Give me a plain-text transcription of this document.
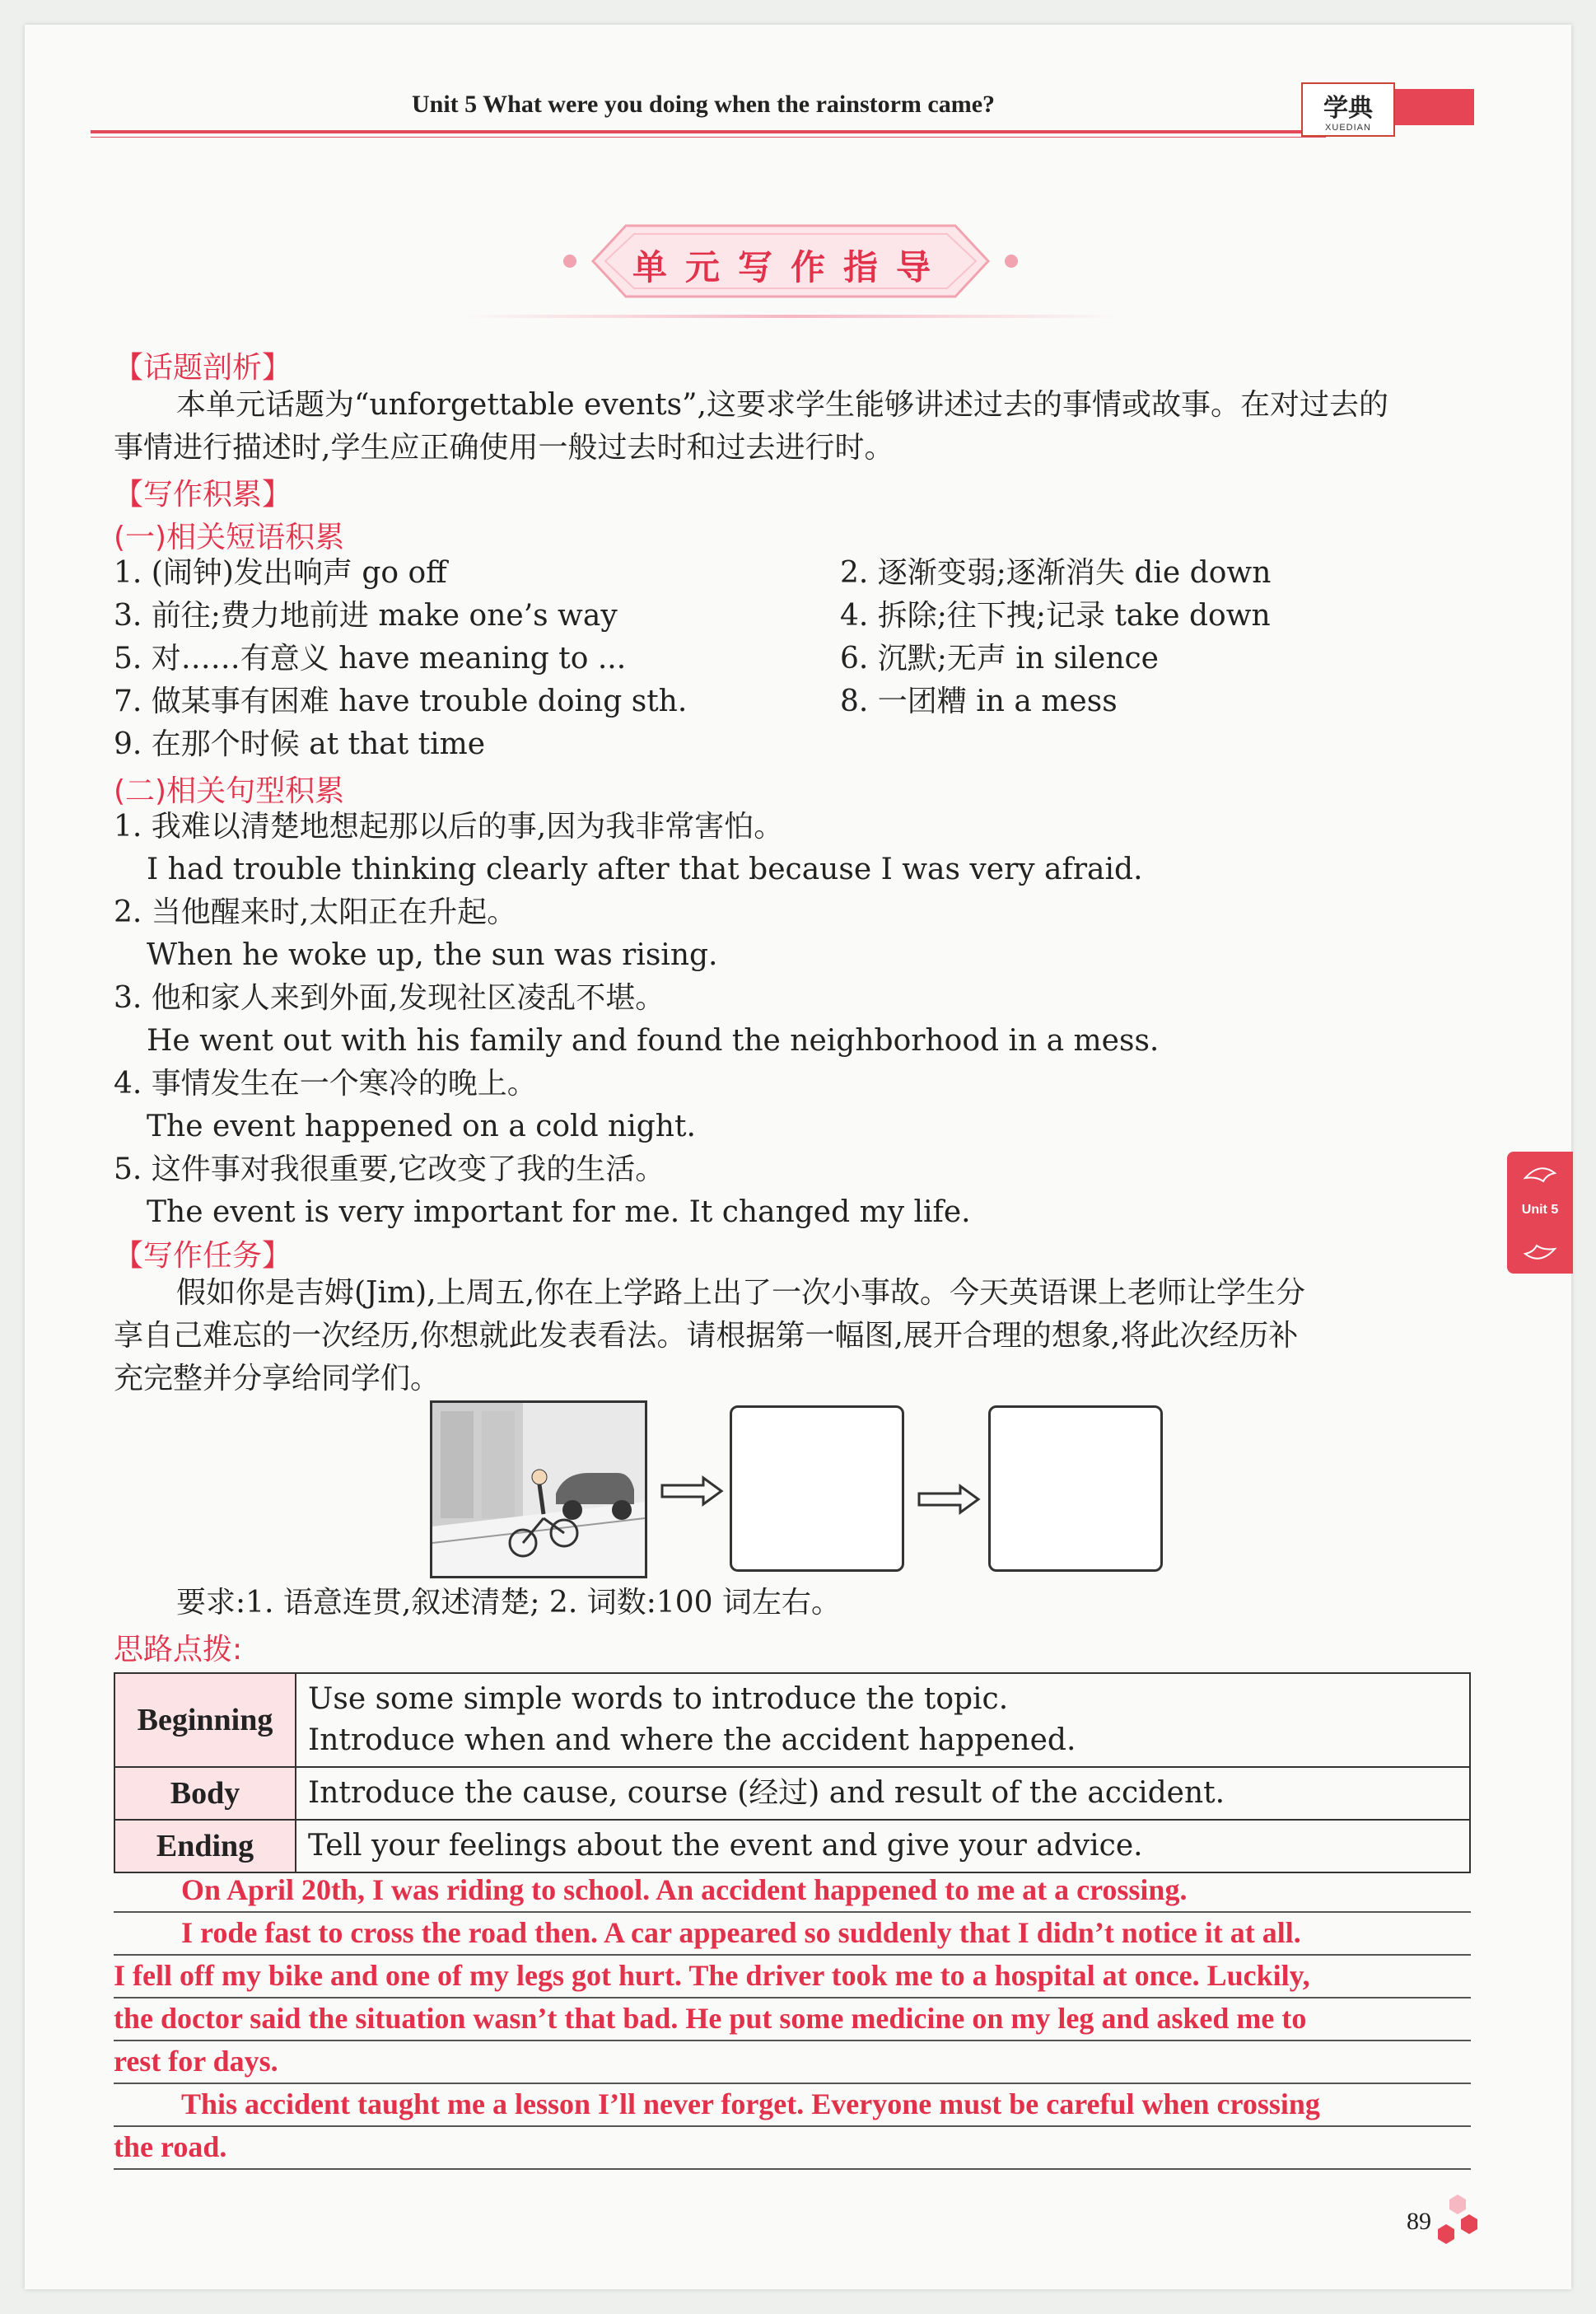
Unit 5 What were you doing when the rainstorm came?	学典
XUEDIAN
单元写作指导
【话题剖析】
本单元话题为“unforgettable events”,这要求学生能够讲述过去的事情或故事。在对过去的
事情进行描述时,学生应正确使用一般过去时和过去进行时。
【写作积累】
(一)相关短语积累
1. (闹钟)发出响声 go off	2. 逐渐变弱;逐渐消失 die down
3. 前往;费力地前进 make one’s way	4. 拆除;往下拽;记录 take down
5. 对……有意义 have meaning to ...	6. 沉默;无声 in silence
7. 做某事有困难 have trouble doing sth.	8. 一团糟 in a mess
9. 在那个时候 at that time
(二)相关句型积累
1. 我难以清楚地想起那以后的事,因为我非常害怕。
I had trouble thinking clearly after that because I was very afraid.
2. 当他醒来时,太阳正在升起。
When he woke up, the sun was rising.
3. 他和家人来到外面,发现社区凌乱不堪。
He went out with his family and found the neighborhood in a mess.
4. 事情发生在一个寒冷的晚上。
The event happened on a cold night.
5. 这件事对我很重要,它改变了我的生活。
The event is very important for me. It changed my life.
【写作任务】
假如你是吉姆(Jim),上周五,你在上学路上出了一次小事故。今天英语课上老师让学生分
享自己难忘的一次经历,你想就此发表看法。请根据第一幅图,展开合理的想象,将此次经历补
充完整并分享给同学们。
要求:1. 语意连贯,叙述清楚; 2. 词数:100 词左右。
思路点拨:
Beginning	Use some simple words to introduce the topic.
Introduce when and where the accident happened.

Body	Introduce the cause, course (经过) and result of the accident.

Ending	Tell your feelings about the event and give your advice.
On April 20th, I was riding to school. An accident happened to me at a crossing.
I rode fast to cross the road then. A car appeared so suddenly that I didn’t notice it at all.
I fell off my bike and one of my legs got hurt. The driver took me to a hospital at once. Luckily,
the doctor said the situation wasn’t that bad. He put some medicine on my leg and asked me to
rest for days.
This accident taught me a lesson I’ll never forget. Everyone must be careful when crossing
the road.
Unit 5
89
